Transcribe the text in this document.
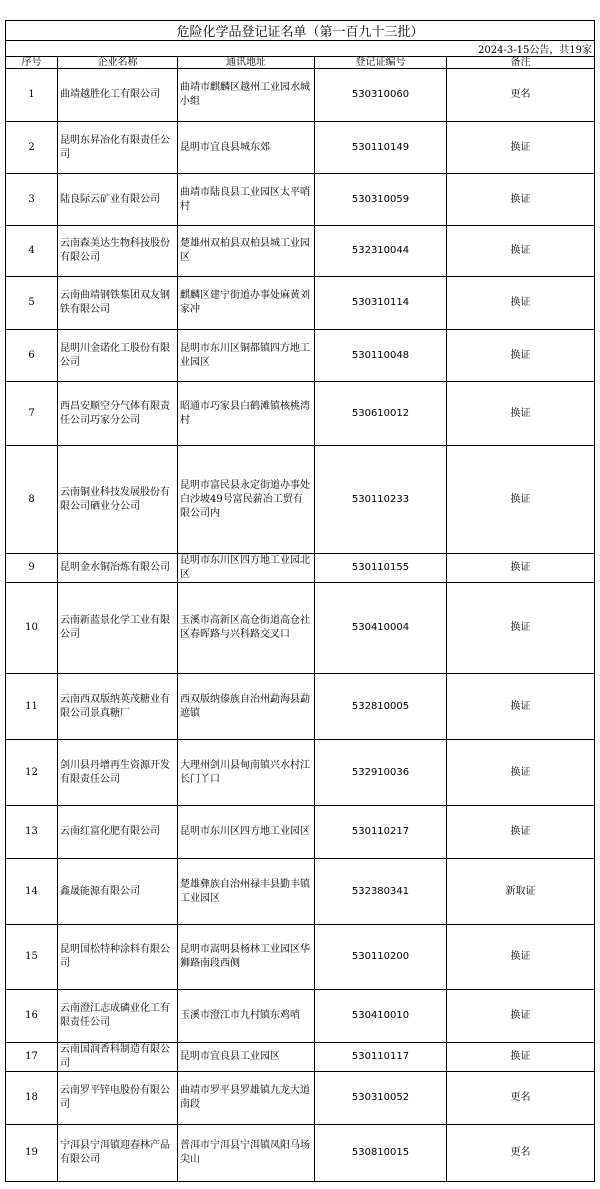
危险化学品登记证名单（第一百九十三批）				
2024-3-15公告，共19家				
序号	企业名称	通讯地址	登记证编号	备注
1	曲靖越胜化工有限公司	曲靖市麒麟区越州工业园水城小组	530310060	更名
2	昆明东昇冶化有限责任公司	昆明市宜良县城东郊	530110149	换证
3	陆良际云矿业有限公司	曲靖市陆良县工业园区太平哨村	530310059	换证
4	云南森美达生物科技股份有限公司	楚雄州双柏县双柏县城工业园区	532310044	换证
5	云南曲靖钢铁集团双友钢铁有限公司	麒麟区建宁街道办事处麻黄刘家冲	530310114	换证
6	昆明川金诺化工股份有限公司	昆明市东川区铜都镇四方地工业园区	530110048	换证
7	西昌安顺空分气体有限责任公司巧家分公司	昭通市巧家县白鹤滩镇核桃湾村	530610012	换证
8	云南铜业科技发展股份有限公司硒业分公司	昆明市富民县永定街道办事处白沙坡49号富民薪冶工贸有限公司内	530110233	换证
9	昆明金水铜冶炼有限公司	昆明市东川区四方地工业园北区	530110155	换证
10	云南新蓝景化学工业有限公司	玉溪市高新区高仓街道高仓社区春晖路与兴科路交叉口	530410004	换证
11	云南西双版纳英茂糖业有限公司景真糖厂	西双版纳傣族自治州勐海县勐遮镇	532810005	换证
12	剑川县丹增再生资源开发有限责任公司	大理州剑川县甸南镇兴水村江长门丫口	532910036	换证
13	云南红富化肥有限公司	昆明市东川区四方地工业园区	530110217	换证
14	鑫晟能源有限公司	楚雄彝族自治州禄丰县勤丰镇工业园区	532380341	新取证
15	昆明国松特种涂料有限公司	昆明市嵩明县杨林工业园区华狮路南段西侧	530110200	换证
16	云南澄江志成磷业化工有限责任公司	玉溪市澄江市九村镇东鸡哨	530410010	换证
17	云南国润香料制造有限公司	昆明市宜良县工业园区	530110117	换证
18	云南罗平锌电股份有限公司	曲靖市罗平县罗雄镇九龙大道南段	530310052	更名
19	宁洱县宁洱镇迎春林产品有限公司	普洱市宁洱县宁洱镇凤阳马场尖山	530810015	更名
